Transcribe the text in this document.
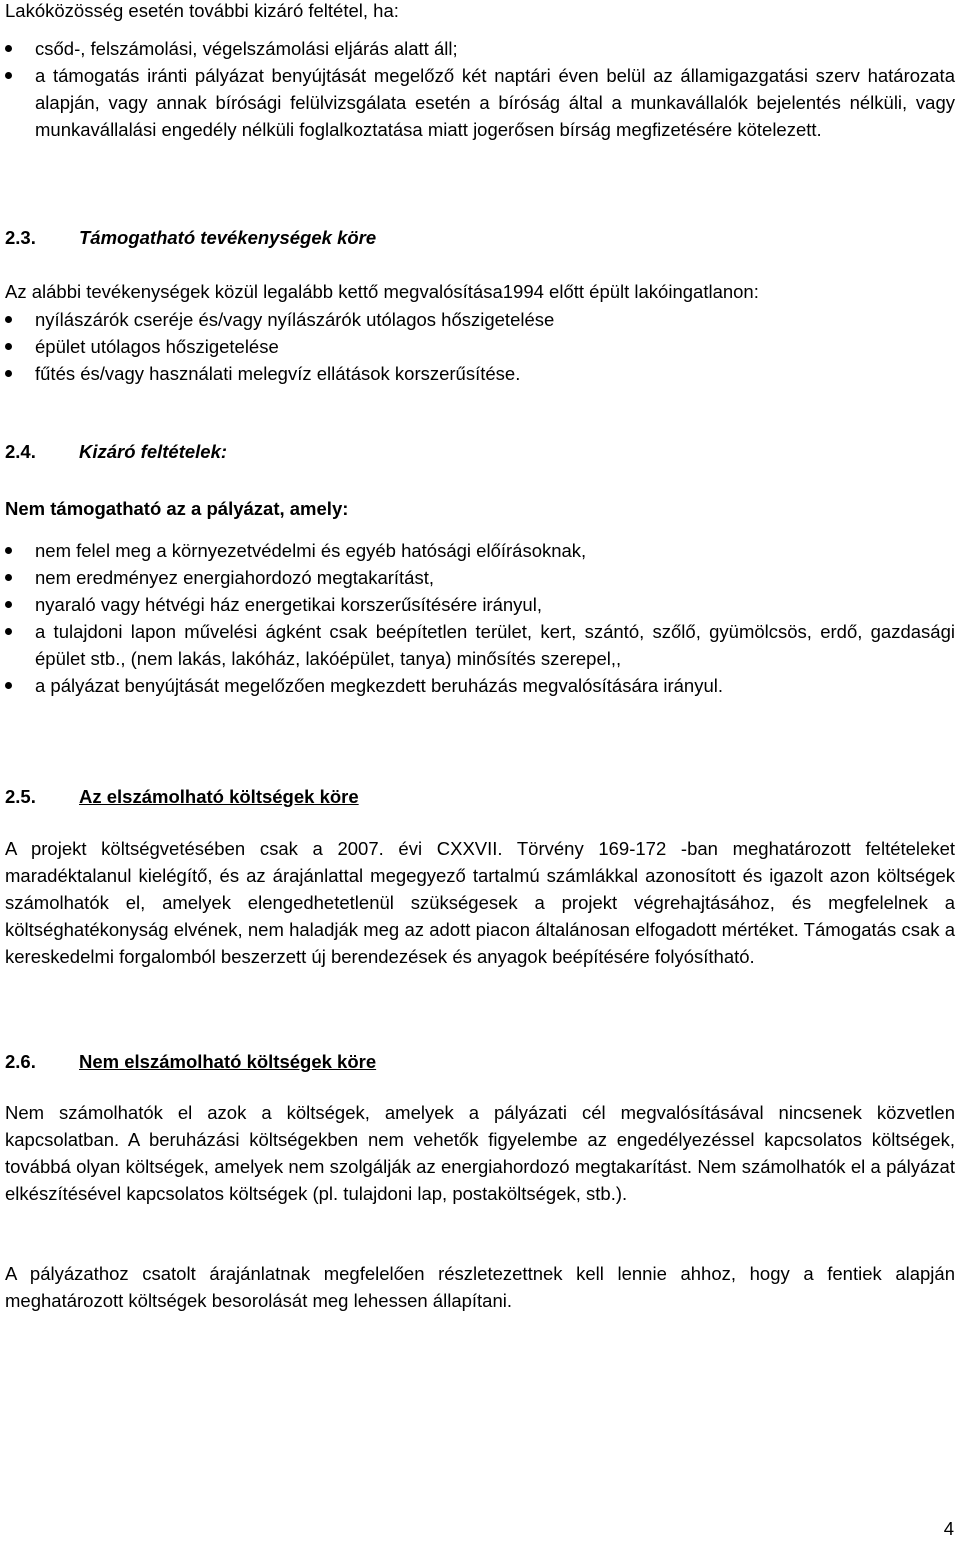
Lakóközösség esetén további kizáró feltétel, ha:

csőd-, felszámolási, végelszámolási eljárás alatt áll;
a támogatás iránti pályázat benyújtását megelőző két naptári éven belül az államigazgatási szerv határozata alapján, vagy annak bírósági felülvizsgálata esetén a bíróság által a munkavállalók bejelentés nélküli, vagy munkavállalási engedély nélküli foglalkoztatása miatt jogerősen bírság megfizetésére kötelezett.

2.3. Támogatható tevékenységek köre

Az alábbi tevékenységek közül legalább kettő megvalósítása1994 előtt épült lakóingatlanon:

nyílászárók cseréje és/vagy nyílászárók utólagos hőszigetelése
épület utólagos hőszigetelése
fűtés és/vagy használati melegvíz ellátások korszerűsítése.

2.4. Kizáró feltételek:

Nem támogatható az a pályázat, amely:

nem felel meg a környezetvédelmi és egyéb hatósági előírásoknak,
nem eredményez energiahordozó megtakarítást,
nyaraló vagy hétvégi ház energetikai korszerűsítésére irányul,
a tulajdoni lapon művelési ágként csak beépítetlen terület, kert, szántó, szőlő, gyümölcsös, erdő, gazdasági épület stb., (nem lakás, lakóház, lakóépület, tanya) minősítés szerepel,,
a pályázat benyújtását megelőzően megkezdett beruházás megvalósítására irányul.

2.5. Az elszámolható költségek köre

A projekt költségvetésében csak a 2007. évi CXXVII. Törvény 169-172 -ban meghatározott feltételeket maradéktalanul kielégítő, és az árajánlattal megegyező tartalmú számlákkal azonosított és igazolt azon költségek számolhatók el, amelyek elengedhetetlenül szükségesek a projekt végrehajtásához, és megfelelnek a költséghatékonyság elvének, nem haladják meg az adott piacon általánosan elfogadott mértéket. Támogatás csak a kereskedelmi forgalomból beszerzett új berendezések és anyagok beépítésére folyósítható.

2.6. Nem elszámolható költségek köre

Nem számolhatók el azok a költségek, amelyek a pályázati cél megvalósításával nincsenek közvetlen kapcsolatban. A beruházási költségekben nem vehetők figyelembe az engedélyezéssel kapcsolatos költségek, továbbá olyan költségek, amelyek nem szolgálják az energiahordozó megtakarítást. Nem számolhatók el a pályázat elkészítésével kapcsolatos költségek (pl. tulajdoni lap, postaköltségek, stb.).

A pályázathoz csatolt árajánlatnak megfelelően részletezettnek kell lennie ahhoz, hogy a fentiek alapján meghatározott költségek besorolását meg lehessen állapítani.

4
